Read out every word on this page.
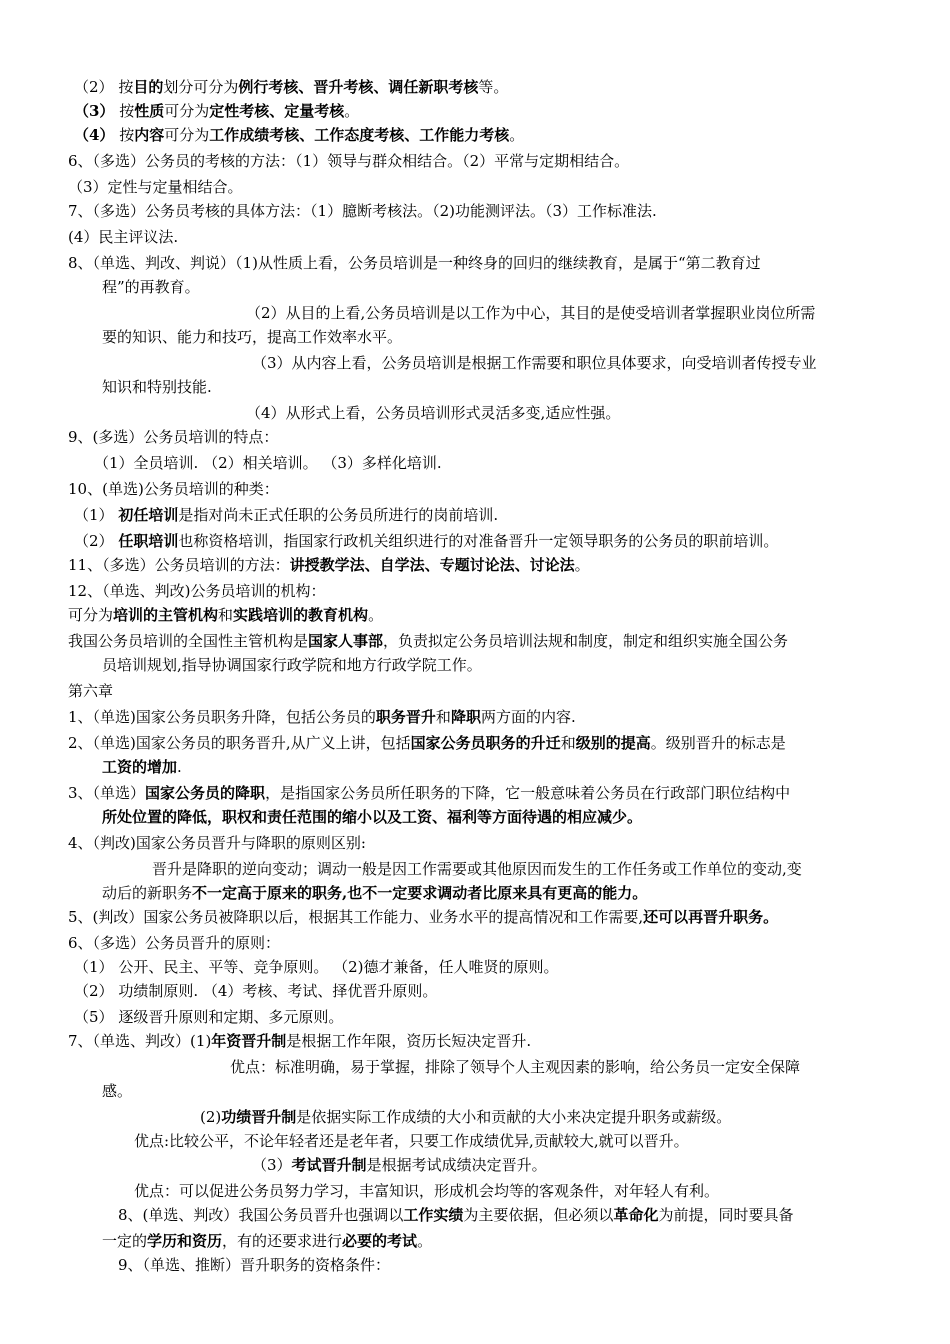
（2） 按目的划分可分为例行考核、晋升考核、调任新职考核等。
（3） 按性质可分为定性考核、定量考核。
（4） 按内容可分为工作成绩考核、工作态度考核、工作能力考核。
6、（多选）公务员的考核的方法：（1）领导与群众相结合。（2）平常与定期相结合。
（3）定性与定量相结合。
7、（多选）公务员考核的具体方法：（1）臆断考核法。（2)功能测评法。（3）工作标准法.
(4）民主评议法.
8、（单选、判改、判说）（1)从性质上看，公务员培训是一种终身的回归的继续教育，是属于“第二教育过
程”的再教育。
（2）从目的上看,公务员培训是以工作为中心，其目的是使受培训者掌握职业岗位所需
要的知识、能力和技巧，提高工作效率水平。
（3）从内容上看，公务员培训是根据工作需要和职位具体要求，向受培训者传授专业
知识和特别技能.
（4）从形式上看，公务员培训形式灵活多变,适应性强。
9、(多选）公务员培训的特点：
（1）全员培训. （2）相关培训。 （3）多样化培训.
10、(单选)公务员培训的种类：
（1） 初任培训是指对尚未正式任职的公务员所进行的岗前培训.
（2） 任职培训也称资格培训，指国家行政机关组织进行的对准备晋升一定领导职务的公务员的职前培训。
11、（多选）公务员培训的方法：讲授教学法、自学法、专题讨论法、讨论法。
12、（单选、判改)公务员培训的机构：
可分为培训的主管机构和实践培训的教育机构。
我国公务员培训的全国性主管机构是国家人事部，负责拟定公务员培训法规和制度，制定和组织实施全国公务
员培训规划,指导协调国家行政学院和地方行政学院工作。
第六章
1、（单选)国家公务员职务升降，包括公务员的职务晋升和降职两方面的内容.
2、（单选)国家公务员的职务晋升,从广义上讲，包括国家公务员职务的升迁和级别的提高。级别晋升的标志是
工资的增加.
3、（单选）国家公务员的降职，是指国家公务员所任职务的下降，它一般意味着公务员在行政部门职位结构中
所处位置的降低，职权和责任范围的缩小以及工资、福利等方面待遇的相应减少。
4、（判改)国家公务员晋升与降职的原则区别:
晋升是降职的逆向变动；调动一般是因工作需要或其他原因而发生的工作任务或工作单位的变动,变
动后的新职务不一定高于原来的职务,也不一定要求调动者比原来具有更高的能力。
5、(判改）国家公务员被降职以后，根据其工作能力、业务水平的提高情况和工作需要,还可以再晋升职务。
6、（多选）公务员晋升的原则：
（1） 公开、民主、平等、竞争原则。 （2)德才兼备，任人唯贤的原则。
（2） 功绩制原则. （4）考核、考试、择优晋升原则。
（5） 逐级晋升原则和定期、多元原则。
7、（单选、判改）(1)年资晋升制是根据工作年限，资历长短决定晋升.
优点：标准明确，易于掌握，排除了领导个人主观因素的影响，给公务员一定安全保障
感。
(2)功绩晋升制是依据实际工作成绩的大小和贡献的大小来决定提升职务或薪级。
优点:比较公平，不论年轻者还是老年者，只要工作成绩优异,贡献较大,就可以晋升。
（3）考试晋升制是根据考试成绩决定晋升。
优点：可以促进公务员努力学习，丰富知识，形成机会均等的客观条件，对年轻人有利。
8、(单选、判改）我国公务员晋升也强调以工作实绩为主要依据，但必须以革命化为前提，同时要具备
一定的学历和资历，有的还要求进行必要的考试。
9、（单选、推断）晋升职务的资格条件：
